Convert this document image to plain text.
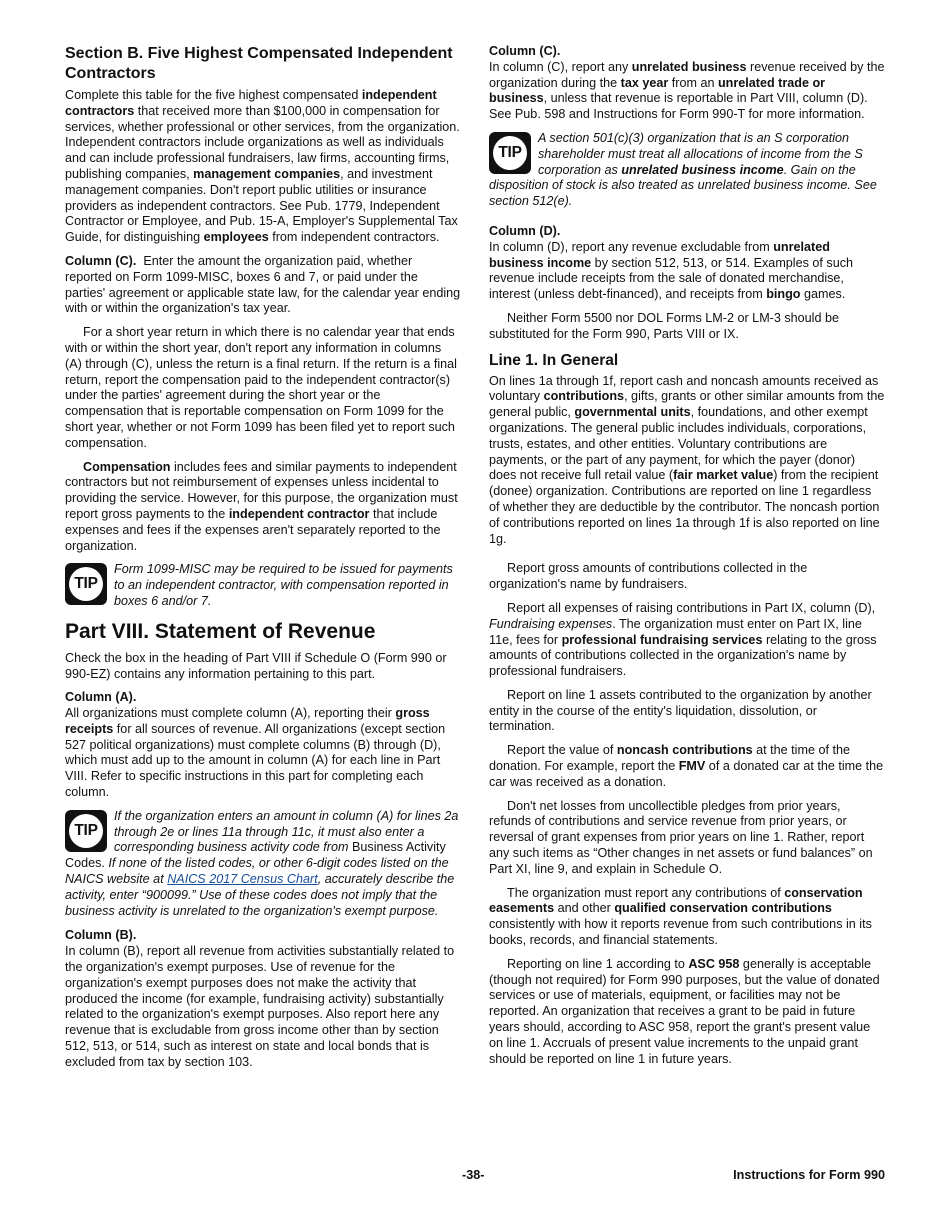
Section B. Five Highest Compensated Independent Contractors

Complete this table for the five highest compensated independent contractors that received more than $100,000 in compensation for services, whether professional or other services, from the organization. Independent contractors include organizations as well as individuals and can include professional fundraisers, law firms, accounting firms, publishing companies, management companies, and investment management companies. Don't report public utilities or insurance providers as independent contractors. See Pub. 1779, Independent Contractor or Employee, and Pub. 15-A, Employer's Supplemental Tax Guide, for distinguishing employees from independent contractors.

Column (C). Enter the amount the organization paid, whether reported on Form 1099-MISC, boxes 6 and 7, or paid under the parties' agreement or applicable state law, for the calendar year ending with or within the organization's tax year.

For a short year return in which there is no calendar year that ends with or within the short year, don't report any information in columns (A) through (C), unless the return is a final return. If the return is a final return, report the compensation paid to the independent contractor(s) under the parties' agreement during the short year or the compensation that is reportable compensation on Form 1099 for the short year, whether or not Form 1099 has been filed yet to report such compensation.

Compensation includes fees and similar payments to independent contractors but not reimbursement of expenses unless incidental to providing the service. However, for this purpose, the organization must report gross payments to the independent contractor that include expenses and fees if the expenses aren't separately reported to the organization.

TIP
Form 1099-MISC may be required to be issued for payments to an independent contractor, with compensation reported in boxes 6 and/or 7.
Part VIII. Statement of Revenue

Check the box in the heading of Part VIII if Schedule O (Form 990 or 990-EZ) contains any information pertaining to this part.

Column (A).
All organizations must complete column (A), reporting their gross receipts for all sources of revenue. All organizations (except section 527 political organizations) must complete columns (B) through (D), which must add up to the amount in column (A) for each line in Part VIII. Refer to specific instructions in this part for completing each column.

TIP
If the organization enters an amount in column (A) for lines 2a through 2e or lines 11a through 11c, it must also enter a corresponding business activity code from Business Activity Codes. If none of the listed codes, or other 6-digit codes listed on the NAICS website at NAICS 2017 Census Chart, accurately describe the activity, enter “900099.” Use of these codes does not imply that the business activity is unrelated to the organization's exempt purpose.

Column (B).
In column (B), report all revenue from activities substantially related to the organization's exempt purposes. Use of revenue for the organization's exempt purposes does not make the activity that produced the income (for example, fundraising activity) substantially related to the organization's exempt purposes. Also report here any revenue that is excludable from gross income other than by section 512, 513, or 514, such as interest on state and local bonds that is excluded from tax by section 103.

Column (C).
In column (C), report any unrelated business revenue received by the organization during the tax year from an unrelated trade or business, unless that revenue is reportable in Part VIII, column (D). See Pub. 598 and Instructions for Form 990-T for more information.

TIP
A section 501(c)(3) organization that is an S corporation shareholder must treat all allocations of income from the S corporation as unrelated business income. Gain on the disposition of stock is also treated as unrelated business income. See section 512(e).

Column (D).
In column (D), report any revenue excludable from unrelated business income by section 512, 513, or 514. Examples of such revenue include receipts from the sale of donated merchandise, interest (unless debt-financed), and receipts from bingo games.

Neither Form 5500 nor DOL Forms LM-2 or LM-3 should be substituted for the Form 990, Parts VIII or IX.

Line 1. In General

On lines 1a through 1f, report cash and noncash amounts received as voluntary contributions, gifts, grants or other similar amounts from the general public, governmental units, foundations, and other exempt organizations. The general public includes individuals, corporations, trusts, estates, and other entities. Voluntary contributions are payments, or the part of any payment, for which the payer (donor) does not receive full retail value (fair market value) from the recipient (donee) organization. Contributions are reported on line 1 regardless of whether they are deductible by the contributor. The noncash portion of contributions reported on lines 1a through 1f is also reported on line 1g.

Report gross amounts of contributions collected in the organization's name by fundraisers.

Report all expenses of raising contributions in Part IX, column (D), Fundraising expenses. The organization must enter on Part IX, line 11e, fees for professional fundraising services relating to the gross amounts of contributions collected in the organization's name by professional fundraisers.

Report on line 1 assets contributed to the organization by another entity in the course of the entity's liquidation, dissolution, or termination.

Report the value of noncash contributions at the time of the donation. For example, report the FMV of a donated car at the time the car was received as a donation.

Don't net losses from uncollectible pledges from prior years, refunds of contributions and service revenue from prior years, or reversal of grant expenses from prior years on line 1. Rather, report any such items as “Other changes in net assets or fund balances” on Part XI, line 9, and explain in Schedule O.

The organization must report any contributions of conservation easements and other qualified conservation contributions consistently with how it reports revenue from such contributions in its books, records, and financial statements.

Reporting on line 1 according to ASC 958 generally is acceptable (though not required) for Form 990 purposes, but the value of donated services or use of materials, equipment, or facilities may not be reported. An organization that receives a grant to be paid in future years should, according to ASC 958, report the grant's present value on line 1. Accruals of present value increments to the unpaid grant should be reported on line 1 in future years.

-38-	Instructions for Form 990
